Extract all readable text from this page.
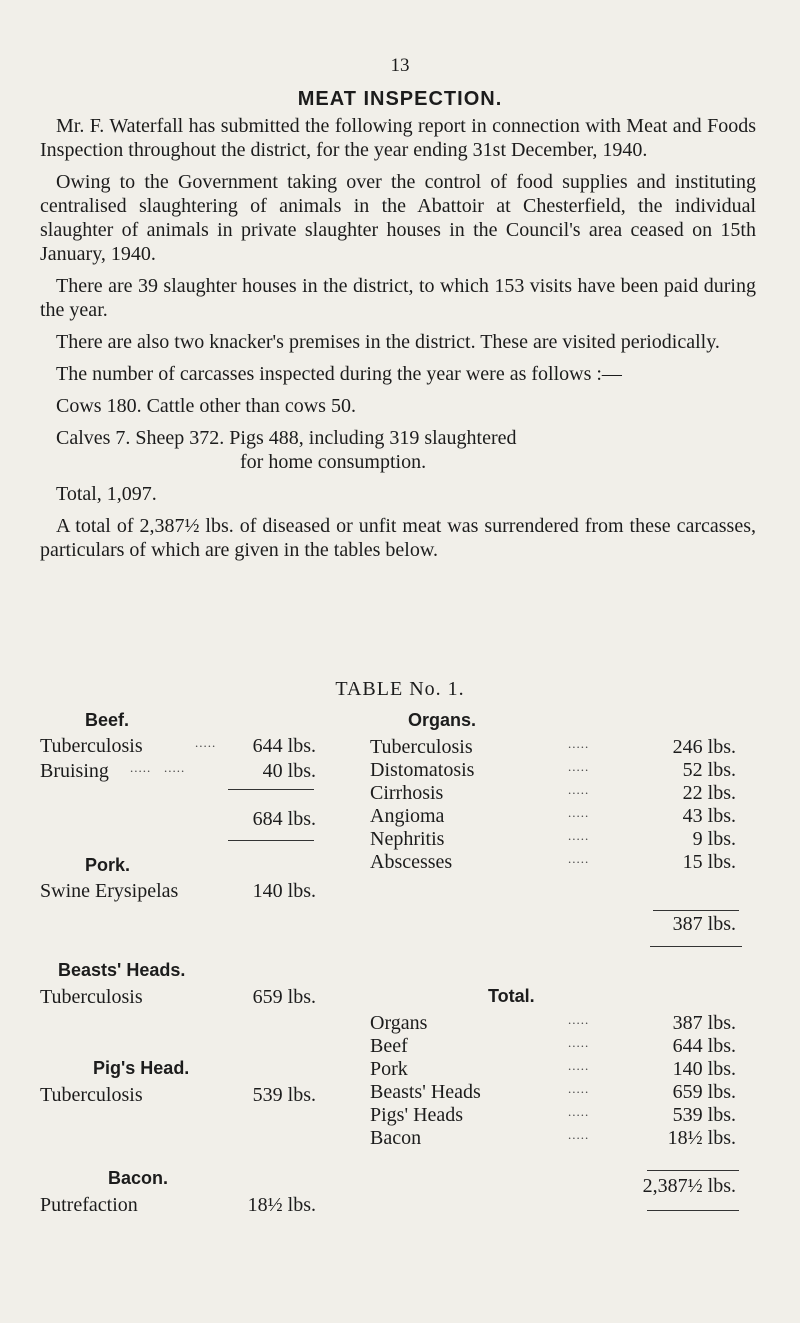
13
MEAT INSPECTION.

Mr. F. Waterfall has submitted the following report in connection with Meat and Foods Inspection throughout the district, for the year ending 31st December, 1940.

Owing to the Government taking over the control of food supplies and instituting centralised slaughtering of animals in the Abattoir at Chesterfield, the individual slaughter of animals in private slaughter houses in the Council's area ceased on 15th January, 1940.

There are 39 slaughter houses in the district, to which 153 visits have been paid during the year.

There are also two knacker's premises in the district. These are visited periodically.

The number of carcasses inspected during the year were as follows :—

Cows 180. Cattle other than cows 50.
Calves 7. Sheep 372. Pigs 488, including 319 slaughtered
for home consumption.
Total, 1,097.

A total of 2,387½ lbs. of diseased or unfit meat was surrendered from these carcasses, particulars of which are given in the tables below.

TABLE No. 1.
Beef.
Tuberculosis	..... 644 lbs.
Bruising .....   .....	40 lbs.
684 lbs.
Pork.
Swine Erysipelas	140 lbs.
Beasts' Heads.
Tuberculosis	659 lbs.
Pig's Head.
Tuberculosis	539 lbs.
Bacon.
Putrefaction	18½ lbs.
Organs.
Tuberculosis	.....	246 lbs.
Distomatosis	.....	52 lbs.
Cirrhosis	.....	22 lbs.
Angioma	.....	43 lbs.
Nephritis	.....	9 lbs.
Abscesses	.....	15 lbs.
387 lbs.
Total.
Organs	.....	387 lbs.
Beef	.....	644 lbs.
Pork	.....	140 lbs.
Beasts' Heads	.....	659 lbs.
Pigs' Heads	.....	539 lbs.
Bacon	.....	18½ lbs.
2,387½ lbs.
